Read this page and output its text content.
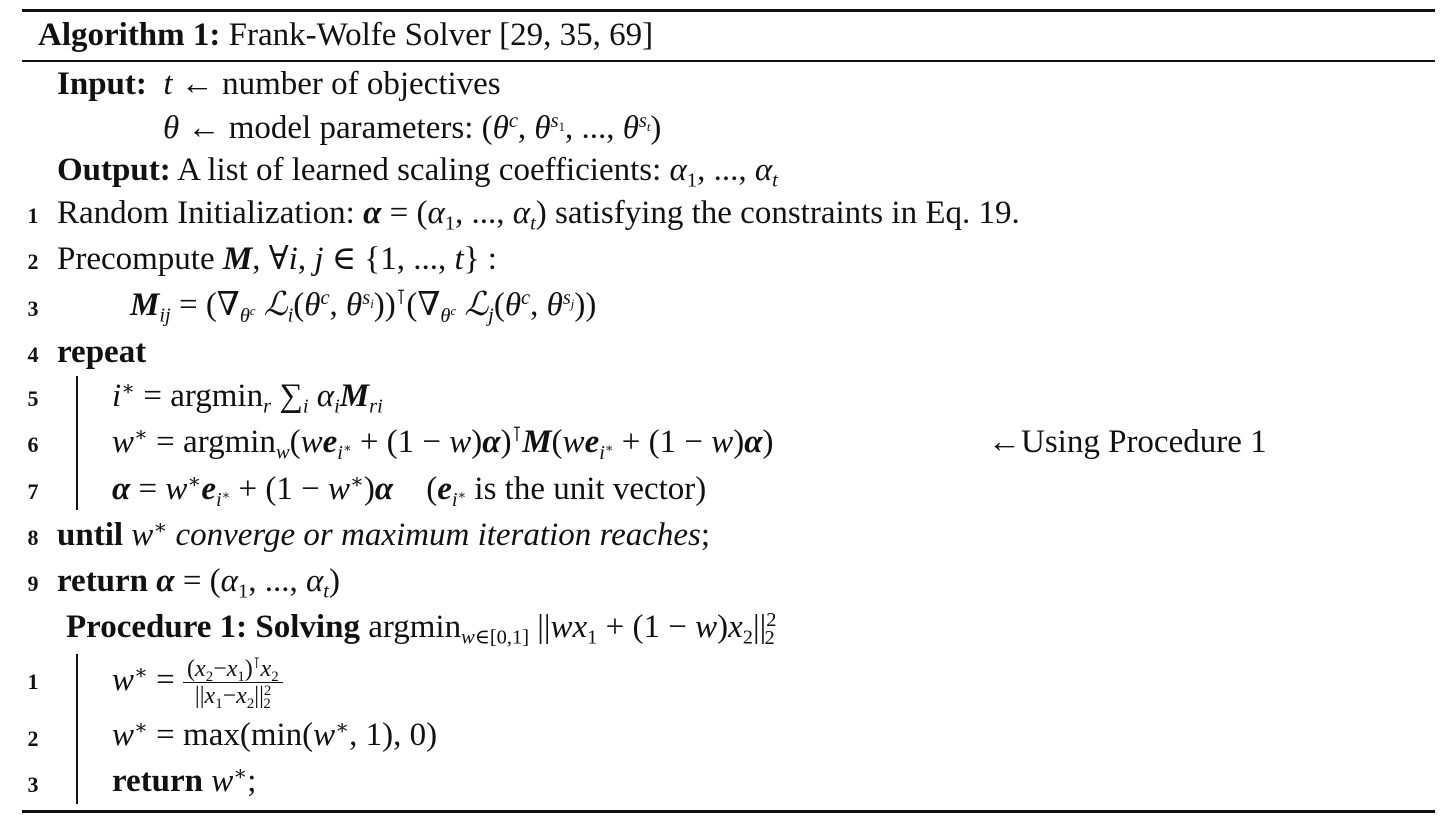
Algorithm 1: Frank-Wolfe Solver [29, 35, 69]
Input: t ← number of objectives
θ ← model parameters: ($\theta^c$, $\theta^{s_1}$, ..., $\theta^{s_t}$)
Output: A list of learned scaling coefficients: $\alpha_1$, ..., $\alpha_t$
1 Random Initialization: $\alpha = (\alpha_1$, ..., $\alpha_t$) satisfying the constraints in Eq. 19.
2 Precompute M, ∀i, j ∈ {1, ..., t} :
3	$M_{ij} = (\nabla_{\theta^c}$ $ℒ_i(\theta^c$, $\theta^{s_i}))^⊺(\nabla_{\theta^c}$ $ℒ_j(\theta^c$, $\theta^{s_j}$))
4 repeat
5 i∗ = argmin$_r$ $\sum_i$ $\alpha_iM_{ri}$
6 $w^∗ = argmin_w(we_{i^∗} + (1 - w)\alpha)^⊺M(we_{i^∗} + (1 - w)\alpha)$	←Using Procedure 1
7 $\alpha = w^∗e_{i^∗} + (1 - w^∗)\alpha$    ($e_{i^∗}$ is the unit vector)
8 until w∗ converge or maximum iteration reaches;
9 return $\alpha = (\alpha_1$, ..., $\alpha_t$)
Procedure 1: Solving argmin$_{w\in[0,1]}$ $||wx_1 + (1 - w)x_2||^2_2$
1 $w^∗ = \frac{(x_2-x_1)^⊺x_2}{||x_1-x_2||^2_2}$
2 w∗ = max(min(w∗, 1), 0)
3 return w∗;
